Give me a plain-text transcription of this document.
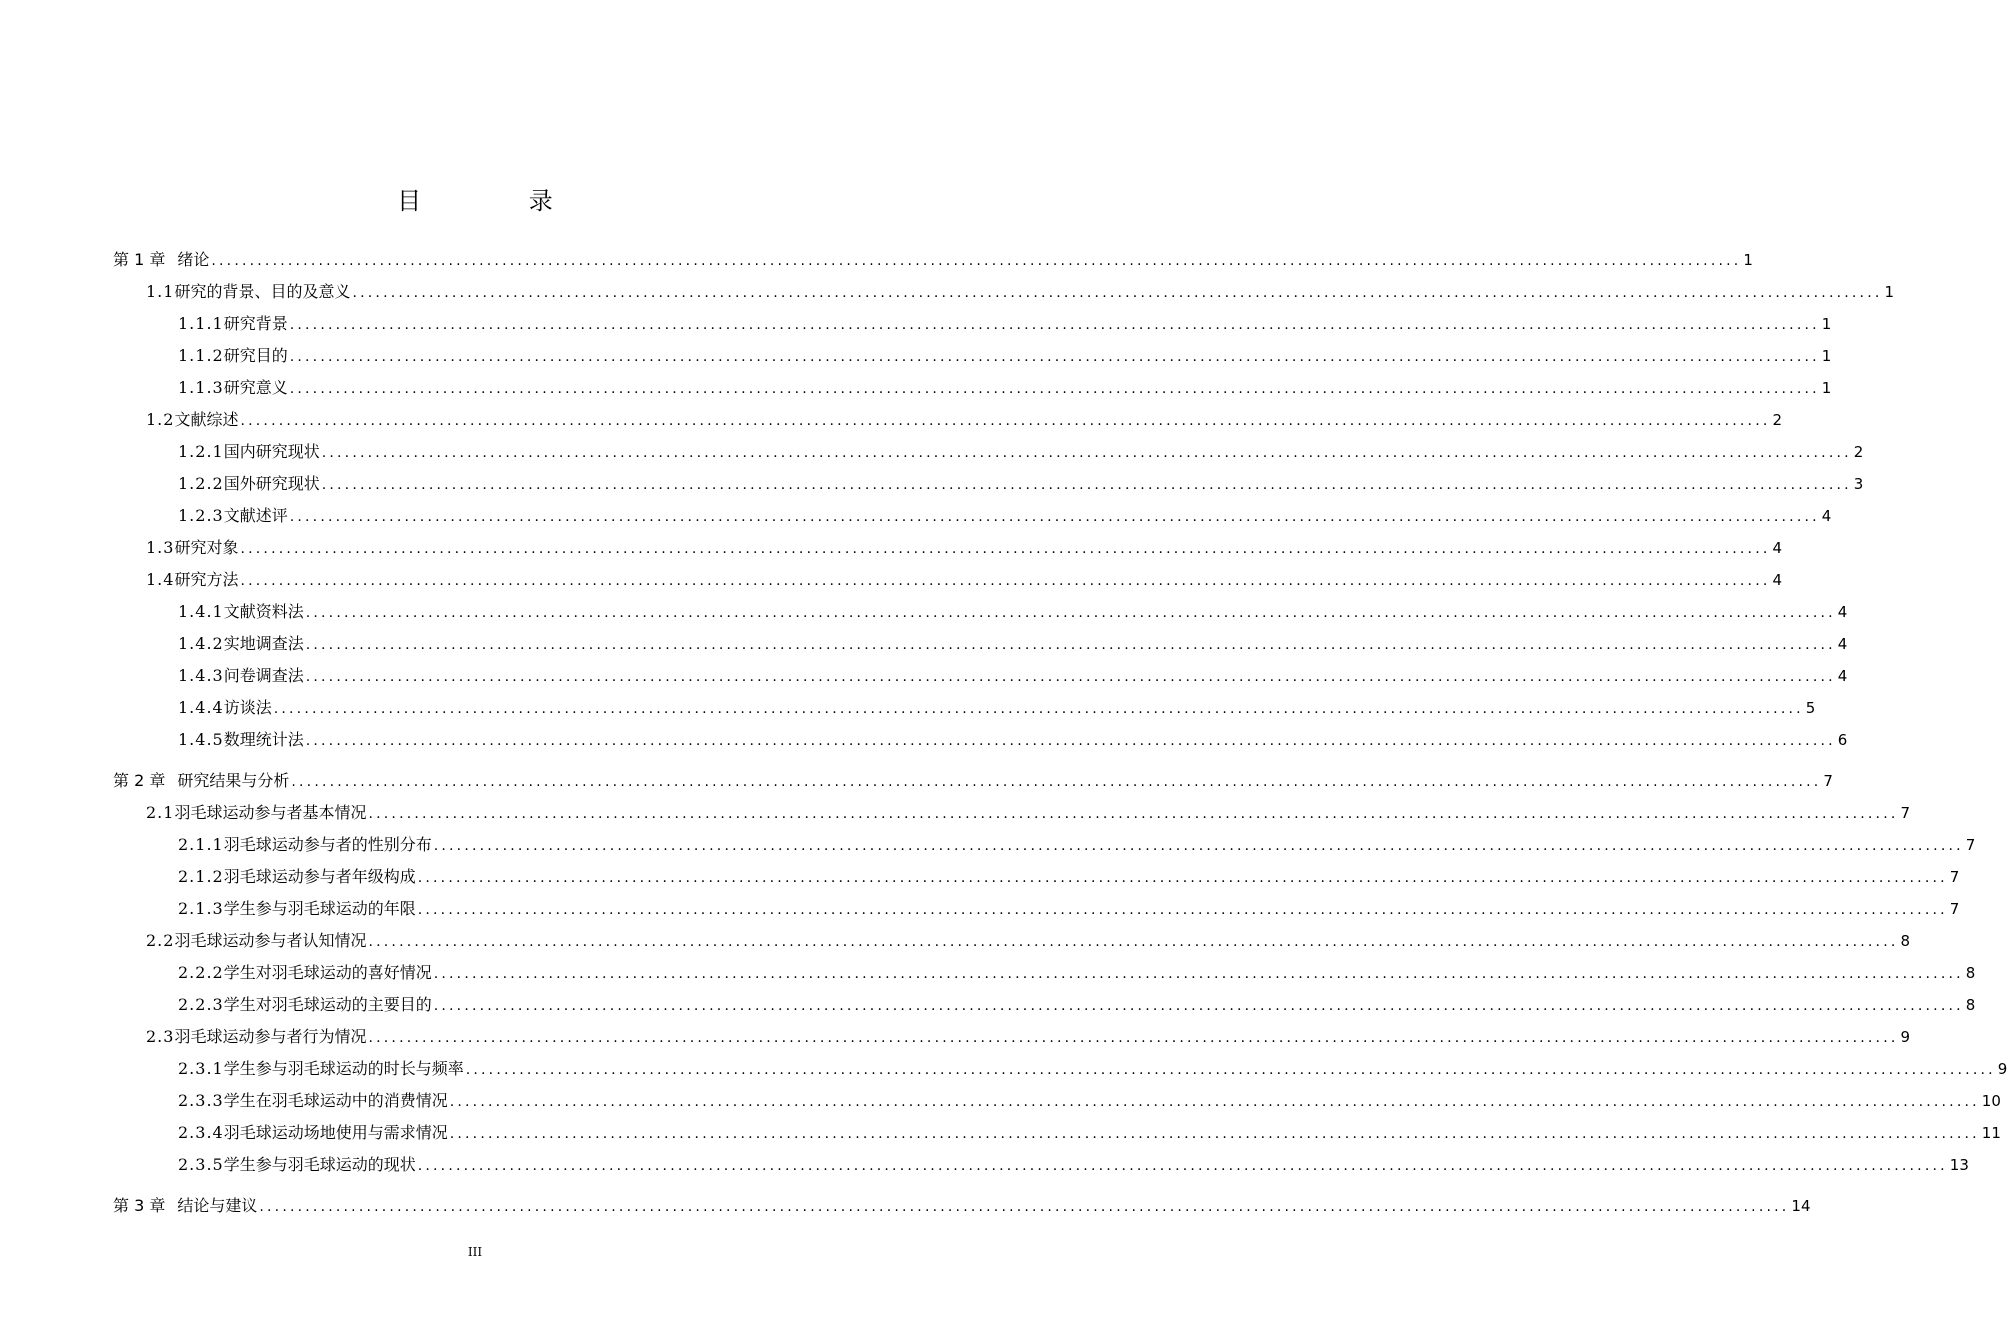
目 录
第 1 章 绪论 ........................................................................................................................................................................................................ 1
1.1 研究的背景、目的及意义 ........................................................................................................................................................................................................ 1
1.1.1 研究背景 ........................................................................................................................................................................................................ 1
1.1.2 研究目的 ........................................................................................................................................................................................................ 1
1.1.3 研究意义 ........................................................................................................................................................................................................ 1
1.2 文献综述 ........................................................................................................................................................................................................ 2
1.2.1 国内研究现状 ........................................................................................................................................................................................................ 2
1.2.2 国外研究现状 ........................................................................................................................................................................................................ 3
1.2.3 文献述评 ........................................................................................................................................................................................................ 4
1.3 研究对象 ........................................................................................................................................................................................................ 4
1.4 研究方法 ........................................................................................................................................................................................................ 4
1.4.1 文献资料法 ........................................................................................................................................................................................................ 4
1.4.2 实地调查法 ........................................................................................................................................................................................................ 4
1.4.3 问卷调查法 ........................................................................................................................................................................................................ 4
1.4.4 访谈法 ........................................................................................................................................................................................................ 5
1.4.5 数理统计法 ........................................................................................................................................................................................................ 6
第 2 章 研究结果与分析 ........................................................................................................................................................................................................ 7
2.1 羽毛球运动参与者基本情况 ........................................................................................................................................................................................................ 7
2.1.1 羽毛球运动参与者的性别分布 ........................................................................................................................................................................................................ 7
2.1.2 羽毛球运动参与者年级构成 ........................................................................................................................................................................................................ 7
2.1.3 学生参与羽毛球运动的年限 ........................................................................................................................................................................................................ 7
2.2 羽毛球运动参与者认知情况 ........................................................................................................................................................................................................ 8
2.2.2 学生对羽毛球运动的喜好情况 ........................................................................................................................................................................................................ 8
2.2.3 学生对羽毛球运动的主要目的 ........................................................................................................................................................................................................ 8
2.3 羽毛球运动参与者行为情况 ........................................................................................................................................................................................................ 9
2.3.1 学生参与羽毛球运动的时长与频率 ........................................................................................................................................................................................................ 9
2.3.3 学生在羽毛球运动中的消费情况 ........................................................................................................................................................................................................ 10
2.3.4 羽毛球运动场地使用与需求情况 ........................................................................................................................................................................................................ 11
2.3.5 学生参与羽毛球运动的现状 ........................................................................................................................................................................................................ 13
第 3 章 结论与建议 ........................................................................................................................................................................................................ 14
III
